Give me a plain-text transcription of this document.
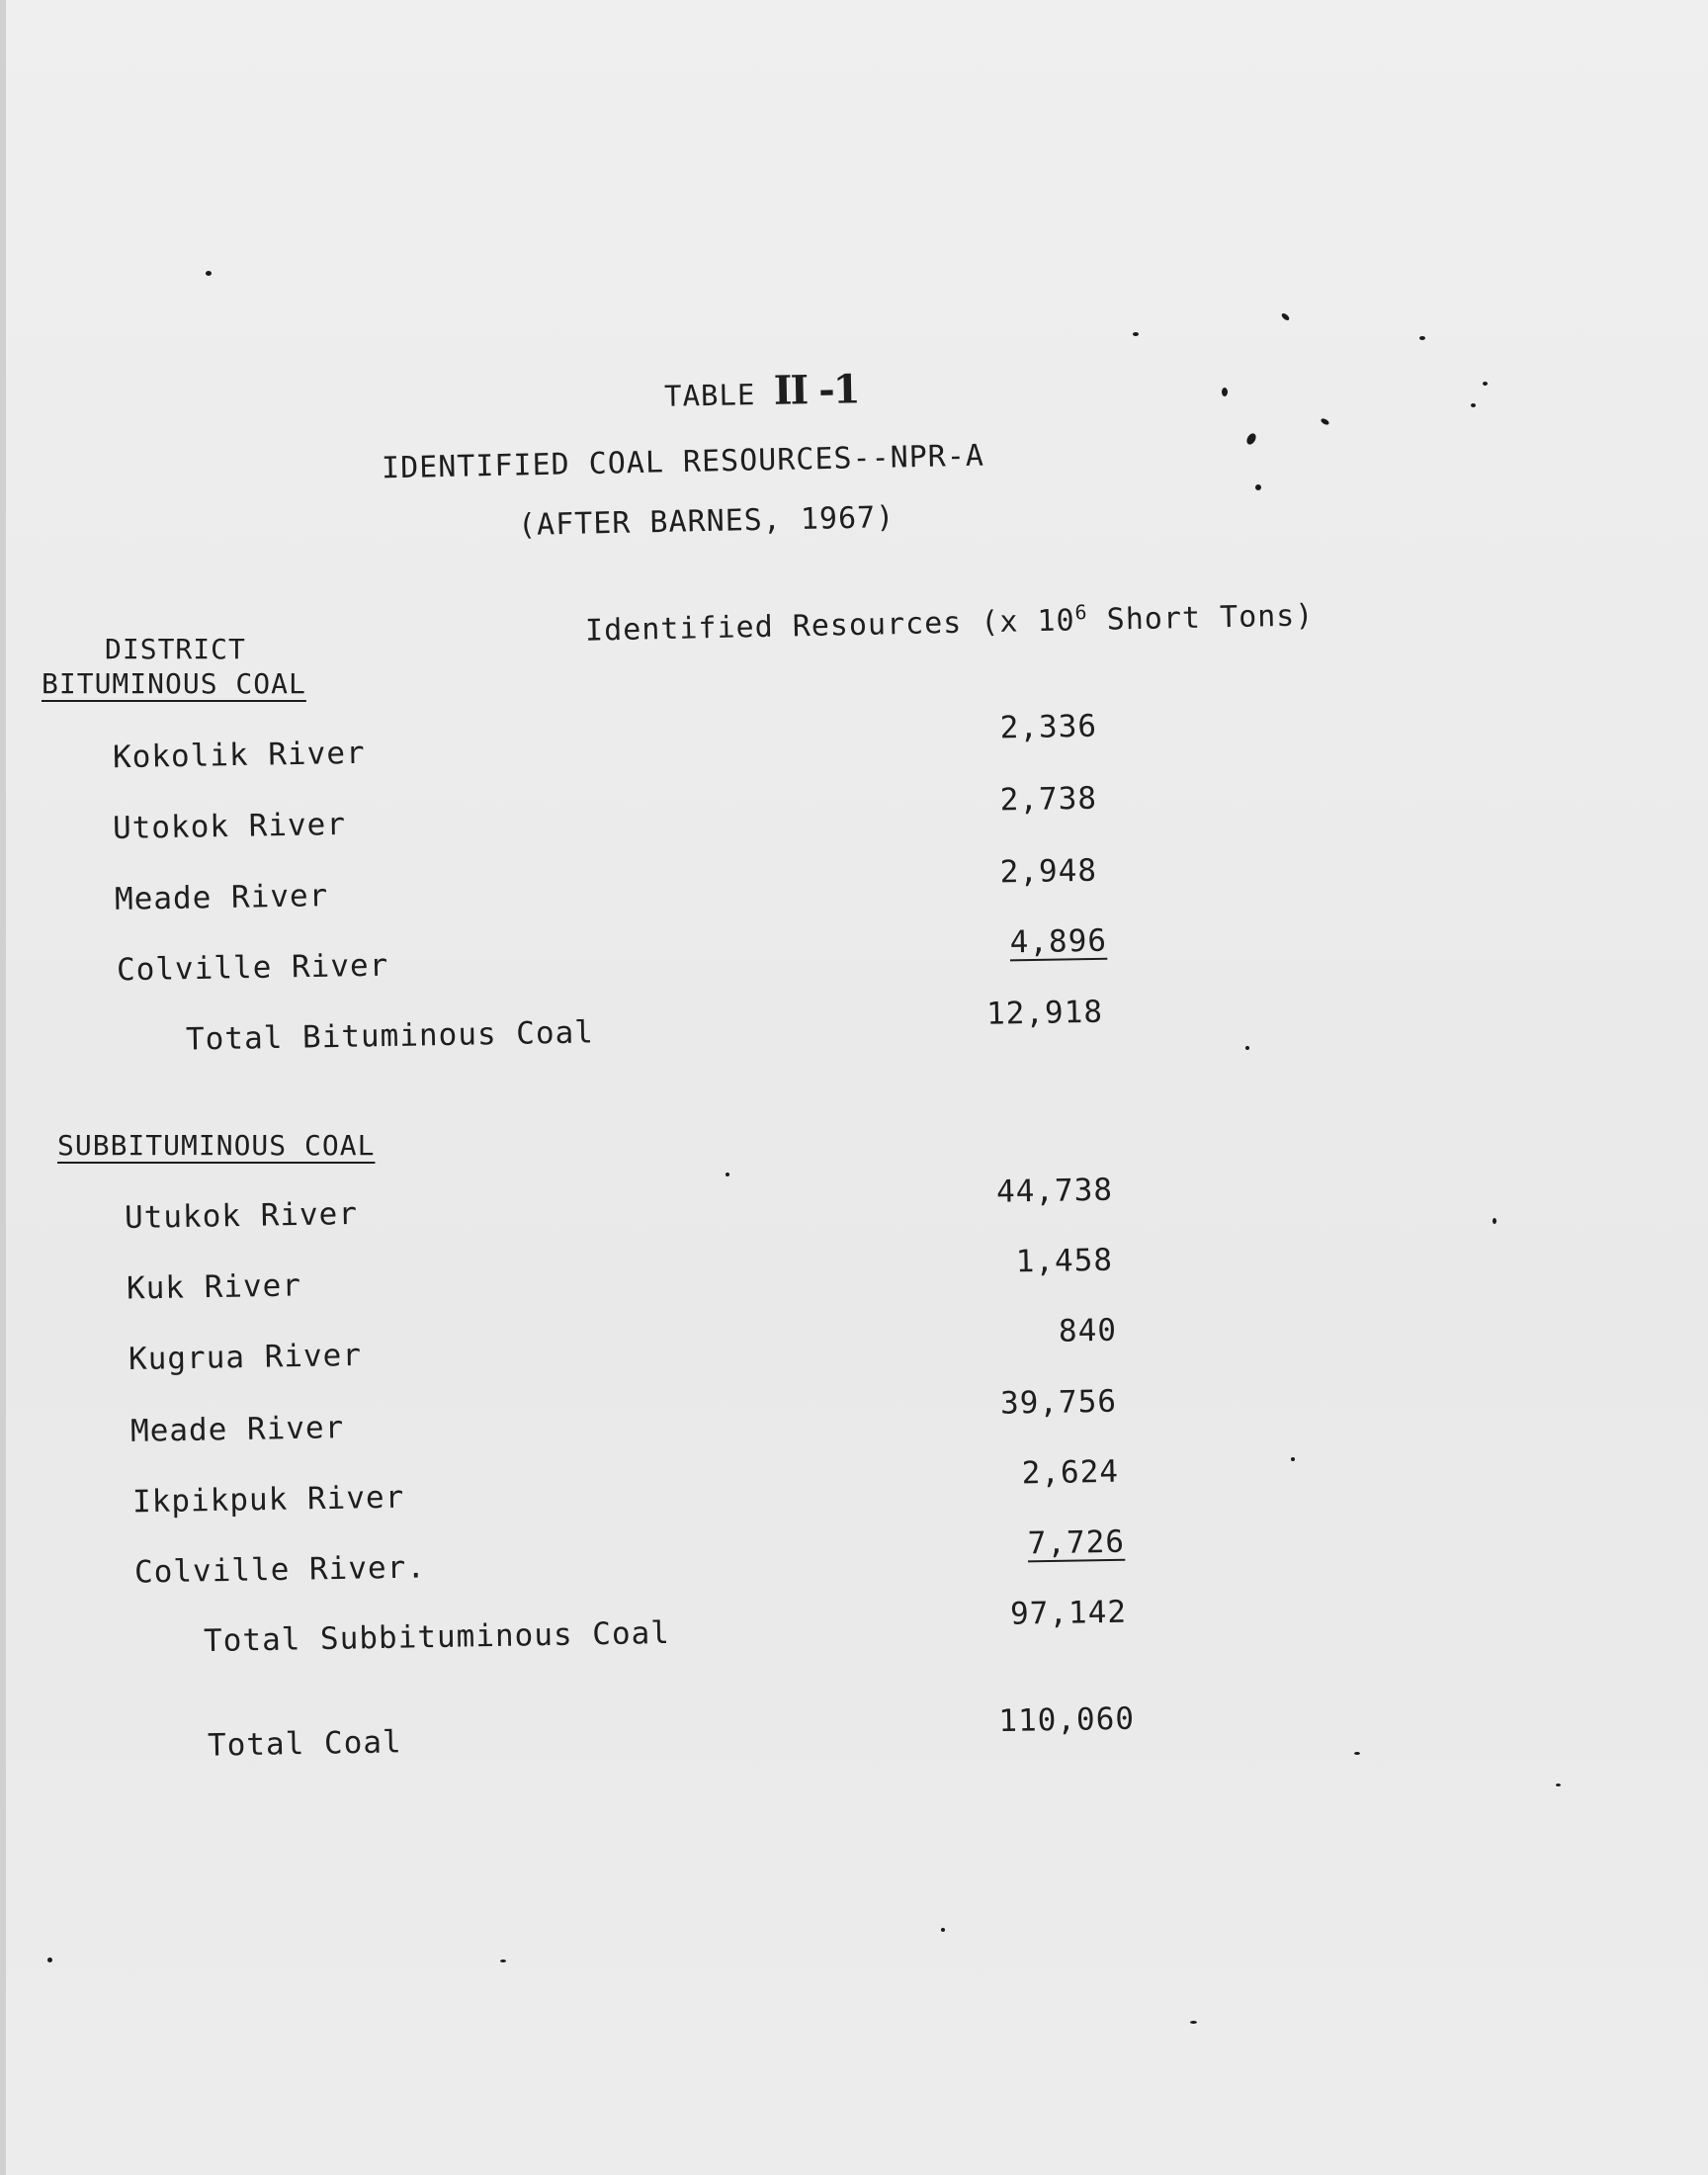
TABLE II -1
IDENTIFIED COAL RESOURCES--NPR-A
(AFTER BARNES, 1967)
Identified Resources (x $10^6$ Short Tons)
DISTRICT
BITUMINOUS COAL
Kokolik River
2,336
Utokok River
2,738
Meade River
2,948
Colville River
4,896
Total Bituminous Coal
12,918
SUBBITUMINOUS COAL
Utukok River
44,738
Kuk River
1,458
Kugrua River
840
Meade River
39,756
Ikpikpuk River
2,624
Colville River.
7,726
Total Subbituminous Coal
97,142
Total Coal
110,060
